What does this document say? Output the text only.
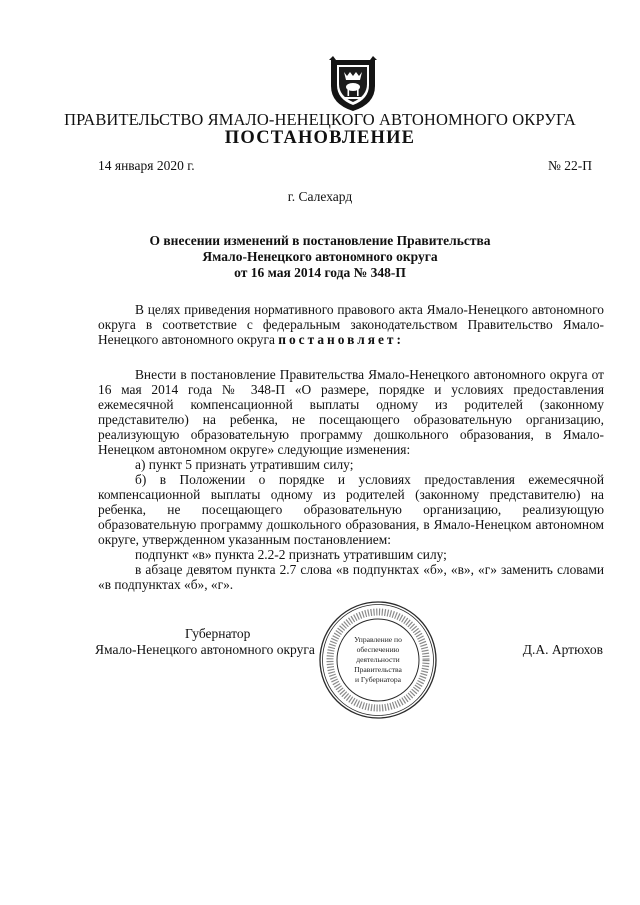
ПРАВИТЕЛЬСТВО ЯМАЛО-НЕНЕЦКОГО АВТОНОМНОГО ОКРУГА
ПОСТАНОВЛЕНИЕ
14 января 2020 г.	№ 22-П
г. Салехард
О внесении изменений в постановление Правительства
Ямало-Ненецкого автономного округа
от 16 мая 2014 года № 348-П

В целях приведения нормативного правового акта Ямало-Ненецкого автономного округа в соответствие с федеральным законодательством Правительство Ямало-Ненецкого автономного округа постановляет:

Внести в постановление Правительства Ямало-Ненецкого автономного округа от 16 мая 2014 года № 348-П «О размере, порядке и условиях предоставления ежемесячной компенсационной выплаты одному из родителей (законному представителю) на ребенка, не посещающего образовательную организацию, реализующую образовательную программу дошкольного образования, в Ямало-Ненецком автономном округе» следующие изменения:

а) пункт 5 признать утратившим силу;

б) в Положении о порядке и условиях предоставления ежемесячной компенсационной выплаты одному из родителей (законному представителю) на ребенка, не посещающего образовательную организацию, реализующую образовательную программу дошкольного образования, в Ямало-Ненецком автономном округе, утвержденном указанным постановлением:

подпункт «в» пункта 2.2-2 признать утратившим силу;

в абзаце девятом пункта 2.7 слова «в подпунктах «б», «в», «г» заменить словами «в подпунктах «б», «г».

Губернатор
Ямало-Ненецкого автономного округа	Д.А. Артюхов
Управление по
обеспечению
деятельности
Правительства
и Губернатора
